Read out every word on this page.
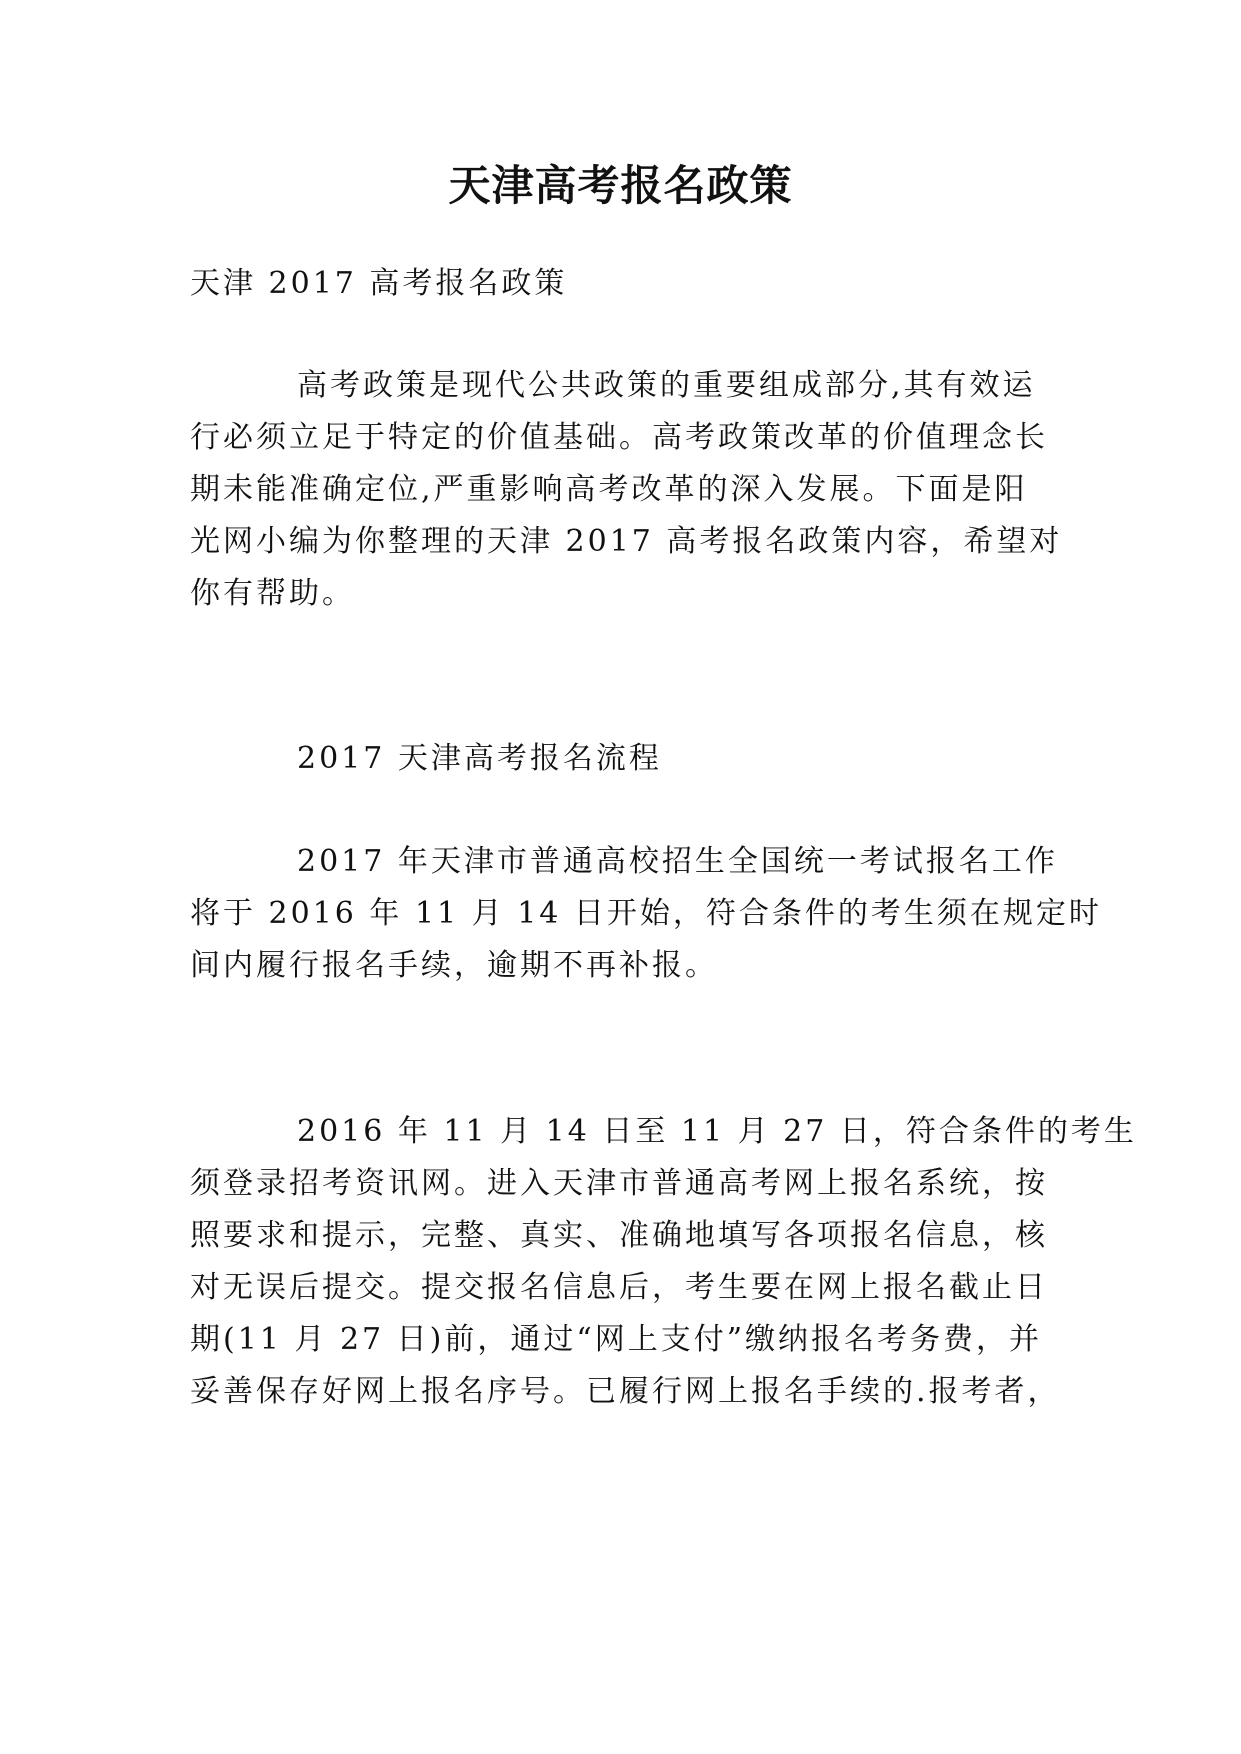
天津高考报名政策

天津 2017 高考报名政策

高考政策是现代公共政策的重要组成部分,其有效运

行必须立足于特定的价值基础。高考政策改革的价值理念长

期未能准确定位,严重影响高考改革的深入发展。下面是阳

光网小编为你整理的天津 2017 高考报名政策内容，希望对

你有帮助。

2017 天津高考报名流程

2017 年天津市普通高校招生全国统一考试报名工作

将于 2016 年 11 月 14 日开始，符合条件的考生须在规定时

间内履行报名手续，逾期不再补报。

2016 年 11 月 14 日至 11 月 27 日，符合条件的考生

须登录招考资讯网。进入天津市普通高考网上报名系统，按

照要求和提示，完整、真实、准确地填写各项报名信息，核

对无误后提交。提交报名信息后，考生要在网上报名截止日

期(11 月 27 日)前，通过“网上支付”缴纳报名考务费，并

妥善保存好网上报名序号。已履行网上报名手续的.报考者，
